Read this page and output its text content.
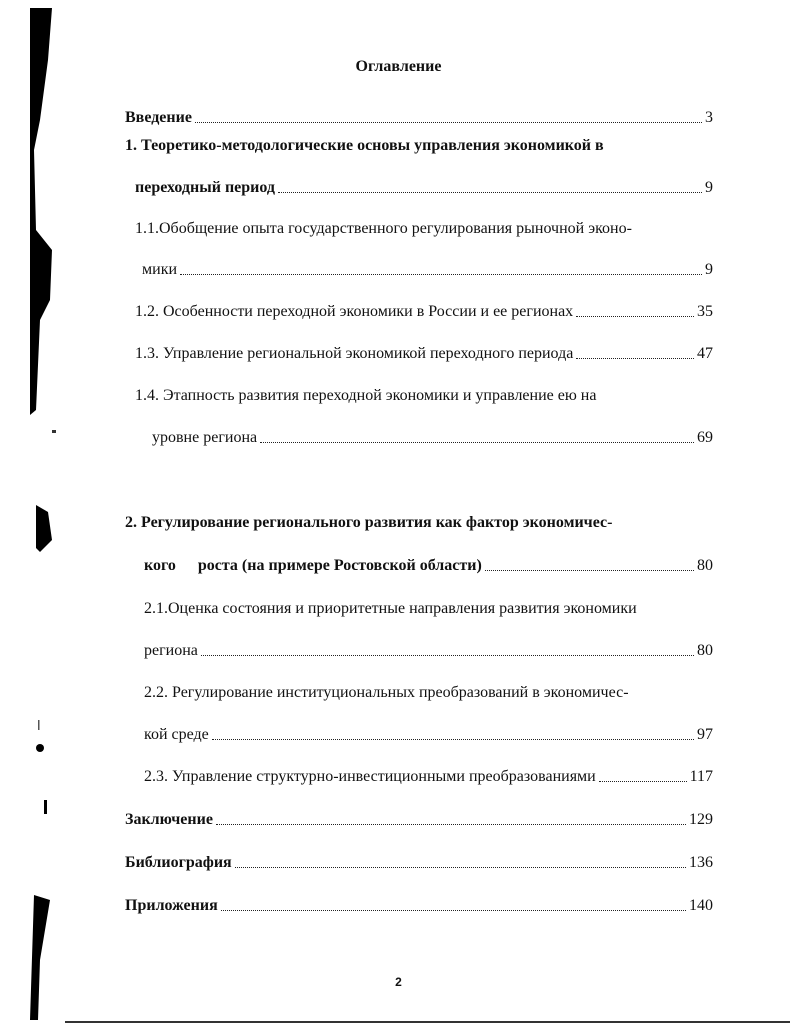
Оглавление
Введение	3
1. Теоретико-методологические основы управления экономикой в
переходный период	9
1.1.Обобщение опыта государственного регулирования рыночной эконо-
мики	9
1.2. Особенности переходной экономики в России и ее регионах	35
1.3. Управление региональной экономикой переходного периода	47
1.4. Этапность развития переходной экономики и управление ею на
уровне региона	69
2. Регулирование регионального развития как фактор экономичес-
кого роста (на примере Ростовской области)	80
2.1.Оценка состояния и приоритетные направления развития экономики
региона	80
2.2. Регулирование институциональных преобразований в экономичес-
кой среде	97
2.3. Управление структурно-инвестиционными преобразованиями	117
Заключение	129
Библиография	136
Приложения	140
2
